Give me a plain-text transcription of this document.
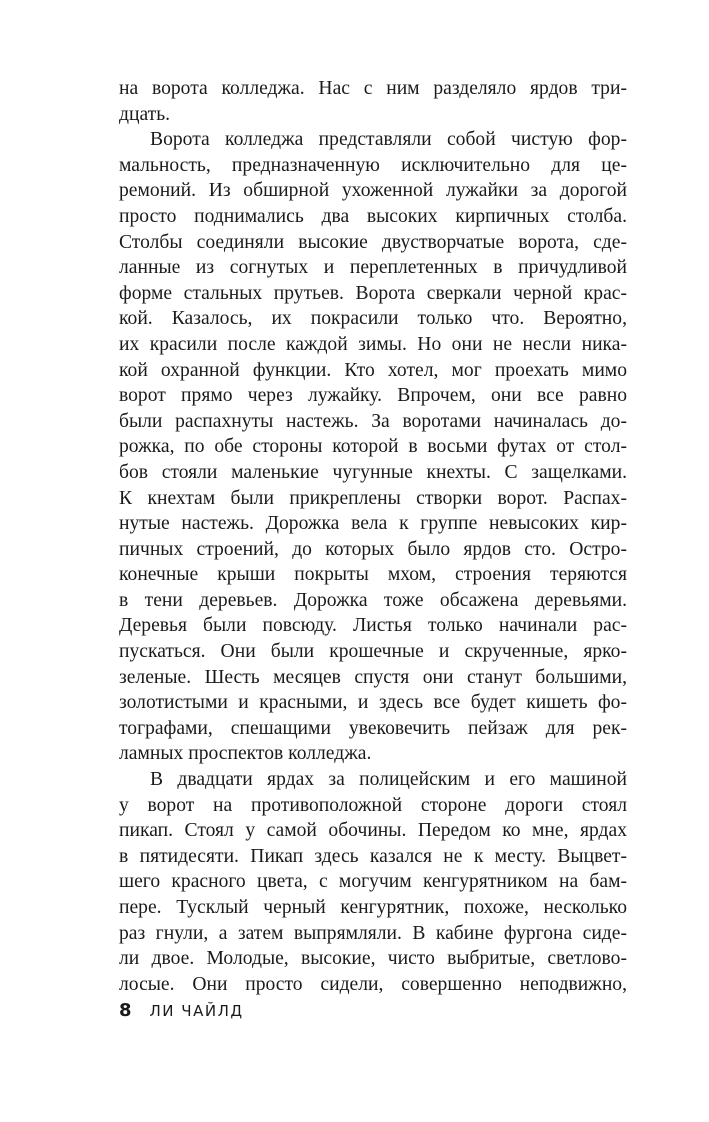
на ворота колледжа. Нас с ним разделяло ярдов три-
дцать.
Ворота колледжа представляли собой чистую фор-
мальность, предназначенную исключительно для це-
ремоний. Из обширной ухоженной лужайки за дорогой
просто поднимались два высоких кирпичных столба.
Столбы соединяли высокие двустворчатые ворота, сде-
ланные из согнутых и переплетенных в причудливой
форме стальных прутьев. Ворота сверкали черной крас-
кой. Казалось, их покрасили только что. Вероятно,
их красили после каждой зимы. Но они не несли ника-
кой охранной функции. Кто хотел, мог проехать мимо
ворот прямо через лужайку. Впрочем, они все равно
были распахнуты настежь. За воротами начиналась до-
рожка, по обе стороны которой в восьми футах от стол-
бов стояли маленькие чугунные кнехты. С защелками.
К кнехтам были прикреплены створки ворот. Распах-
нутые настежь. Дорожка вела к группе невысоких кир-
пичных строений, до которых было ярдов сто. Остро-
конечные крыши покрыты мхом, строения теряются
в тени деревьев. Дорожка тоже обсажена деревьями.
Деревья были повсюду. Листья только начинали рас-
пускаться. Они были крошечные и скрученные, ярко-
зеленые. Шесть месяцев спустя они станут большими,
золотистыми и красными, и здесь все будет кишеть фо-
тографами, спешащими увековечить пейзаж для рек-
ламных проспектов колледжа.
В двадцати ярдах за полицейским и его машиной
у ворот на противоположной стороне дороги стоял
пикап. Стоял у самой обочины. Передом ко мне, ярдах
в пятидесяти. Пикап здесь казался не к месту. Выцвет-
шего красного цвета, с могучим кенгурятником на бам-
пере. Тусклый черный кенгурятник, похоже, несколько
раз гнули, а затем выпрямляли. В кабине фургона сиде-
ли двое. Молодые, высокие, чисто выбритые, светлово-
лосые. Они просто сидели, совершенно неподвижно,
8 ЛИ ЧАЙЛД
